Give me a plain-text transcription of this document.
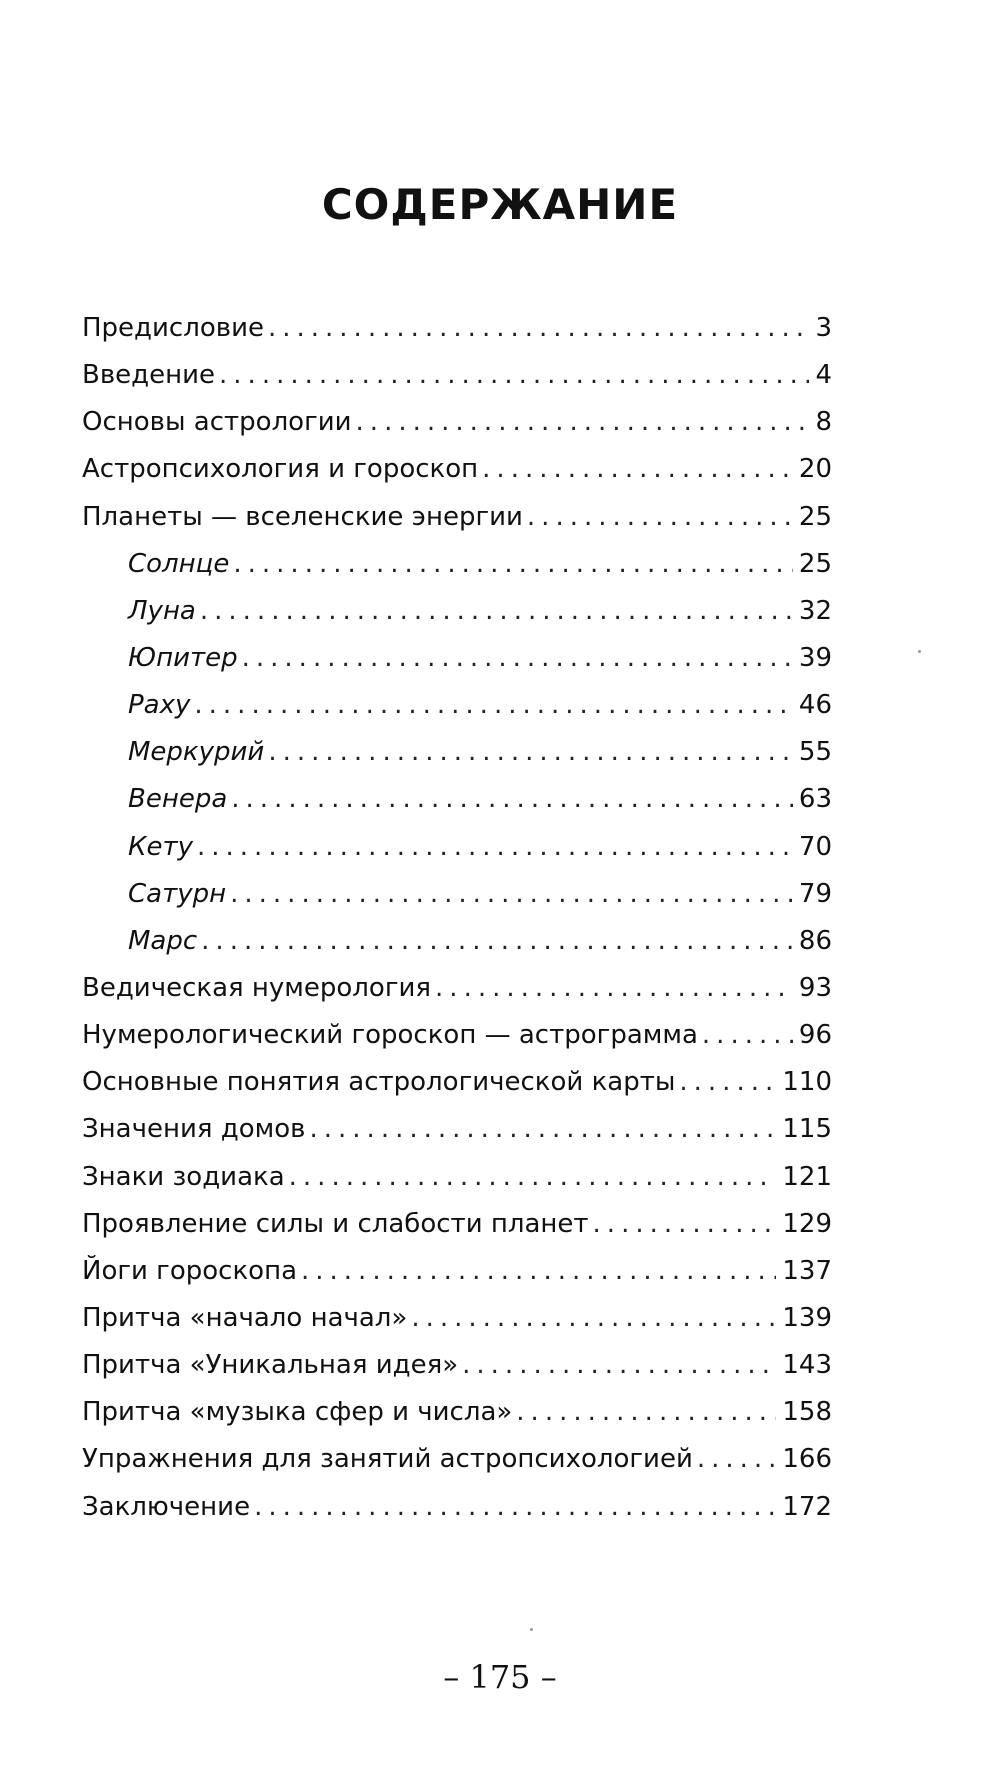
СОДЕРЖАНИЕ
Предисловие .....	3
Введение .....	4
Основы астрологии .....	8
Астропсихология и гороскоп .....	20
Планеты — вселенские энергии .....	25
Солнце .....	25
Луна .....	32
Юпитер .....	39
Раху .....	46
Меркурий .....	55
Венера .....	63
Кету .....	70
Сатурн .....	79
Марс .....	86
Ведическая нумерология .....	93
Нумерологический гороскоп — астрограмма .....	96
Основные понятия астрологической карты .....	110
Значения домов .....	115
Знаки зодиака .....	121
Проявление силы и слабости планет .....	129
Йоги гороскопа .....	137
Притча «начало начал» .....	139
Притча «Уникальная идея» .....	143
Притча «музыка сфер и числа» .....	158
Упражнения для занятий астропсихологией .....	166
Заключение .....	172
– 175 –
